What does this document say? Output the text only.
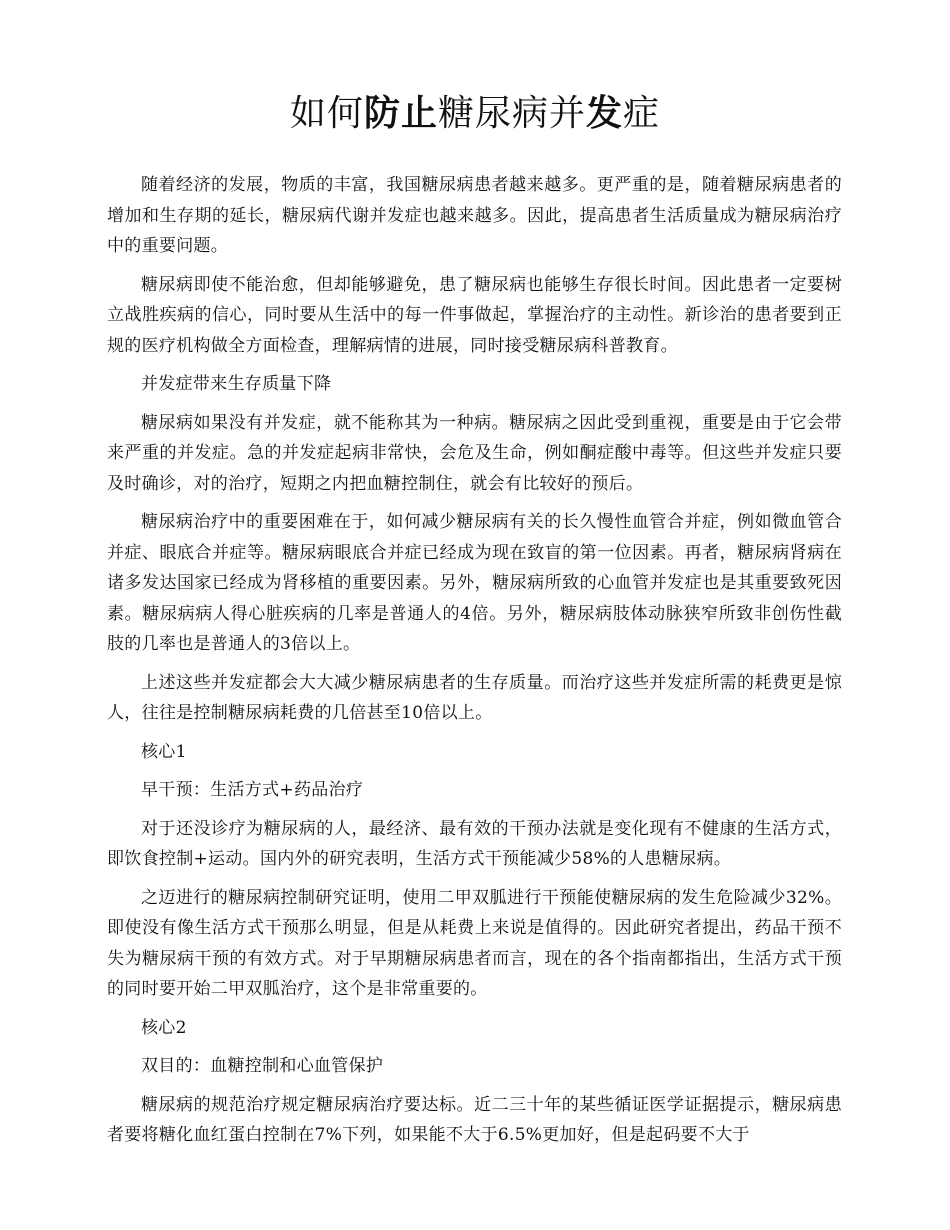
如何防止糖尿病并发症

随着经济的发展，物质的丰富，我国糖尿病患者越来越多。更严重的是，随着糖尿病患者的增加和生存期的延长，糖尿病代谢并发症也越来越多。因此，提高患者生活质量成为糖尿病治疗中的重要问题。

糖尿病即使不能治愈，但却能够避免，患了糖尿病也能够生存很长时间。因此患者一定要树立战胜疾病的信心，同时要从生活中的每一件事做起，掌握治疗的主动性。新诊治的患者要到正规的医疗机构做全方面检查，理解病情的进展，同时接受糖尿病科普教育。

并发症带来生存质量下降

糖尿病如果没有并发症，就不能称其为一种病。糖尿病之因此受到重视，重要是由于它会带来严重的并发症。急的并发症起病非常快，会危及生命，例如酮症酸中毒等。但这些并发症只要及时确诊，对的治疗，短期之内把血糖控制住，就会有比较好的预后。

糖尿病治疗中的重要困难在于，如何减少糖尿病有关的长久慢性血管合并症，例如微血管合并症、眼底合并症等。糖尿病眼底合并症已经成为现在致盲的第一位因素。再者，糖尿病肾病在诸多发达国家已经成为肾移植的重要因素。另外，糖尿病所致的心血管并发症也是其重要致死因素。糖尿病病人得心脏疾病的几率是普通人的4倍。另外，糖尿病肢体动脉狭窄所致非创伤性截肢的几率也是普通人的3倍以上。

上述这些并发症都会大大减少糖尿病患者的生存质量。而治疗这些并发症所需的耗费更是惊人，往往是控制糖尿病耗费的几倍甚至10倍以上。

核心1

早干预：生活方式+药品治疗

对于还没诊疗为糖尿病的人，最经济、最有效的干预办法就是变化现有不健康的生活方式，即饮食控制+运动。国内外的研究表明，生活方式干预能减少58%的人患糖尿病。

之迈进行的糖尿病控制研究证明，使用二甲双胍进行干预能使糖尿病的发生危险减少32%。即使没有像生活方式干预那么明显，但是从耗费上来说是值得的。因此研究者提出，药品干预不失为糖尿病干预的有效方式。对于早期糖尿病患者而言，现在的各个指南都指出，生活方式干预的同时要开始二甲双胍治疗，这个是非常重要的。

核心2

双目的：血糖控制和心血管保护

糖尿病的规范治疗规定糖尿病治疗要达标。近二三十年的某些循证医学证据提示，糖尿病患者要将糖化血红蛋白控制在7%下列，如果能不大于6.5%更加好，但是起码要不大于
